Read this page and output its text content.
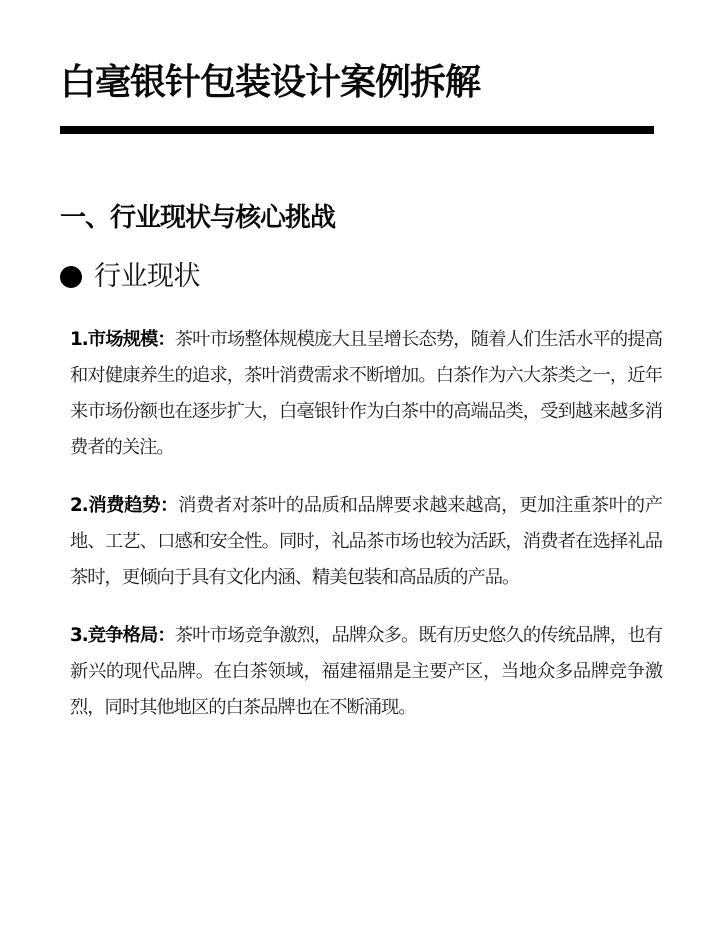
白毫银针包装设计案例拆解
一、行业现状与核心挑战
行业现状

1.市场规模：茶叶市场整体规模庞大且呈增长态势，随着人们生活水平的提高和对健康养生的追求，茶叶消费需求不断增加。白茶作为六大茶类之一，近年来市场份额也在逐步扩大，白毫银针作为白茶中的高端品类，受到越来越多消费者的关注。

2.消费趋势：消费者对茶叶的品质和品牌要求越来越高，更加注重茶叶的产地、工艺、口感和安全性。同时，礼品茶市场也较为活跃，消费者在选择礼品茶时，更倾向于具有文化内涵、精美包装和高品质的产品。

3.竞争格局：茶叶市场竞争激烈，品牌众多。既有历史悠久的传统品牌，也有新兴的现代品牌。在白茶领域，福建福鼎是主要产区，当地众多品牌竞争激烈，同时其他地区的白茶品牌也在不断涌现。
